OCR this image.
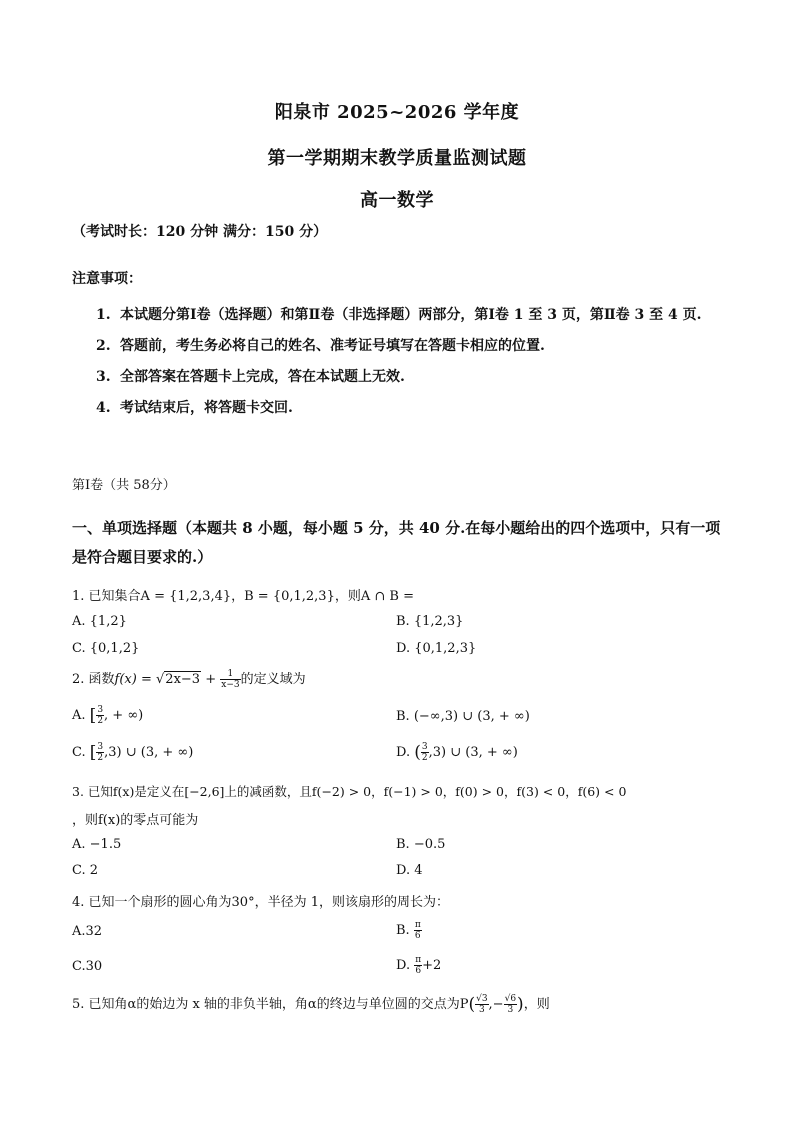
阳泉市 2025~2026 学年度
第一学期期末教学质量监测试题
高一数学
（考试时长：120 分钟 满分：150 分）
注意事项：
1. 本试题分第Ⅰ卷（选择题）和第Ⅱ卷（非选择题）两部分，第Ⅰ卷 1 至 3 页，第Ⅱ卷 3 至 4 页.
2. 答题前，考生务必将自己的姓名、准考证号填写在答题卡相应的位置.
3. 全部答案在答题卡上完成，答在本试题上无效.
4. 考试结束后，将答题卡交回.
第Ⅰ卷（共 58分）
一、单项选择题（本题共 8 小题，每小题 5 分，共 40 分.在每小题给出的四个选项中，只有一项是符合题目要求的.）
1. 已知集合A = {1,2,3,4}，B = {0,1,2,3}，则A ∩ B =
A. {1,2}	B. {1,2,3}
C. {0,1,2}	D. {0,1,2,3}
2. 函数$f(x) = √2x-3 + \frac{1}{x-3}$ 的定义域为
A. [ $\frac{3}{2}$ , + ∞)	B. (−∞,3) ∪ (3, + ∞)
C. [ $\frac{3}{2} ,3$) ∪ (3, + ∞)	D. ( $\frac{3}{2} ,3$) ∪ (3, + ∞)
3. 已知f(x)是定义在[−2,6]上的减函数，且f(−2) > 0，f(−1) > 0，f(0) > 0，f(3) < 0，f(6) < 0
，则f(x)的零点可能为
A. −1.5	B. −0.5
C. 2	D. 4
4. 已知一个扇形的圆心角为30°，半径为 1，则该扇形的周长为：
A.32	B. $\frac{\pi}{6}$
C.30	D. $\frac{\pi}{6} +2$
5. 已知角α的始边为 x 轴的非负半轴，角α的终边与单位圆的交点为$P( \frac{√3}{3}$ ,− $\frac{√6}{3}$ )，则
